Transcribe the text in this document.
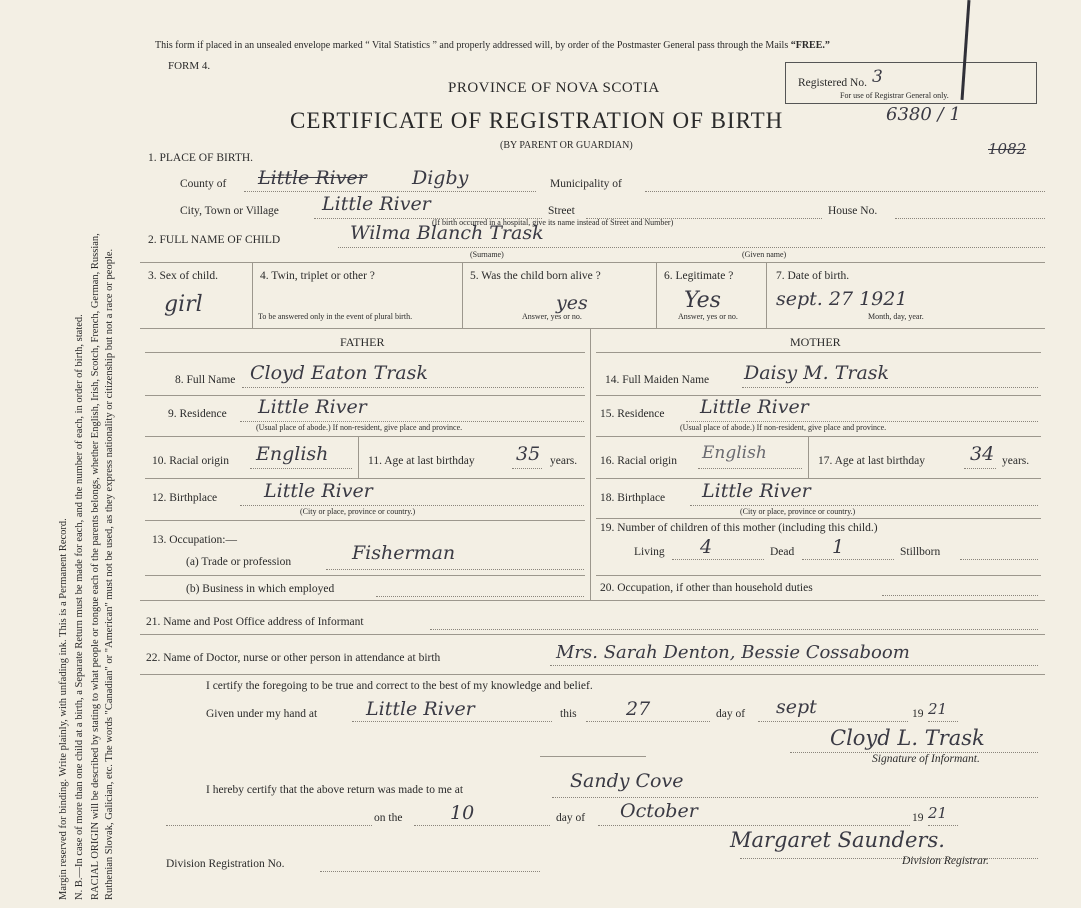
Margin reserved for binding. Write plainly, with unfading ink. This is a Permanent Record. N. B.—In case of more than one child at a birth, a Separate Return must be made for each, and the number of each, in order of birth, stated. RACIAL ORIGIN will be described by stating to what people or tongue each of the parents belongs, whether English, Irish, Scotch, French, German, Russian, Ruthenian Slovak, Galician, etc. The words "Canadian" or "American" must not be used, as they express nationality or citizenship but not a race or people.
This form if placed in an unsealed envelope marked “ Vital Statistics ” and properly addressed will, by order of the Postmaster General pass through the Mails “FREE.”
FORM 4.
PROVINCE OF NOVA SCOTIA
CERTIFICATE OF REGISTRATION OF BIRTH
(BY PARENT OR GUARDIAN)
Registered No. 3
For use of Registrar General only.
6380 / 1
1082
1. PLACE OF BIRTH.
County of Little River Digby	Municipality of
City, Town or Village Little River	Street	House No.
(If birth occurred in a hospital, give its name instead of Street and Number)
2. FULL NAME OF CHILD	Wilma Blanch Trask
(Surname)	(Given name)
3. Sex of child.
girl
4. Twin, triplet or other ?
To be answered only in the event of plural birth.
5. Was the child born alive ?
yes
Answer, yes or no.
6. Legitimate ?
Yes
Answer, yes or no.
7. Date of birth.
sept. 27 1921
Month, day, year.
FATHER	MOTHER
8. Full Name Cloyd Eaton Trask
9. Residence Little River
(Usual place of abode.) If non-resident, give place and province.
10. Racial origin English	11. Age at last birthday 35 years.
12. Birthplace Little River
(City or place, province or country.)
13. Occupation:—
(a) Trade or profession	Fisherman
(b) Business in which employed
14. Full Maiden Name Daisy M. Trask
15. Residence Little River
(Usual place of abode.) If non-resident, give place and province.
16. Racial origin English	17. Age at last birthday 34 years.
18. Birthplace Little River
(City or place, province or country.)
19. Number of children of this mother (including this child.)
Living 4	Dead 1	Stillborn
20. Occupation, if other than household duties
21. Name and Post Office address of Informant
22. Name of Doctor, nurse or other person in attendance at birth	Mrs. Sarah Denton, Bessie Cossaboom
I certify the foregoing to be true and correct to the best of my knowledge and belief.
Given under my hand at	Little River	this	27	day of sept	19 21
Cloyd L. Trask
Signature of Informant.
I hereby certify that the above return was made to me at	Sandy Cove
on the	10	day of October	19 21
Margaret Saunders.
Division Registrar.
Division Registration No.
